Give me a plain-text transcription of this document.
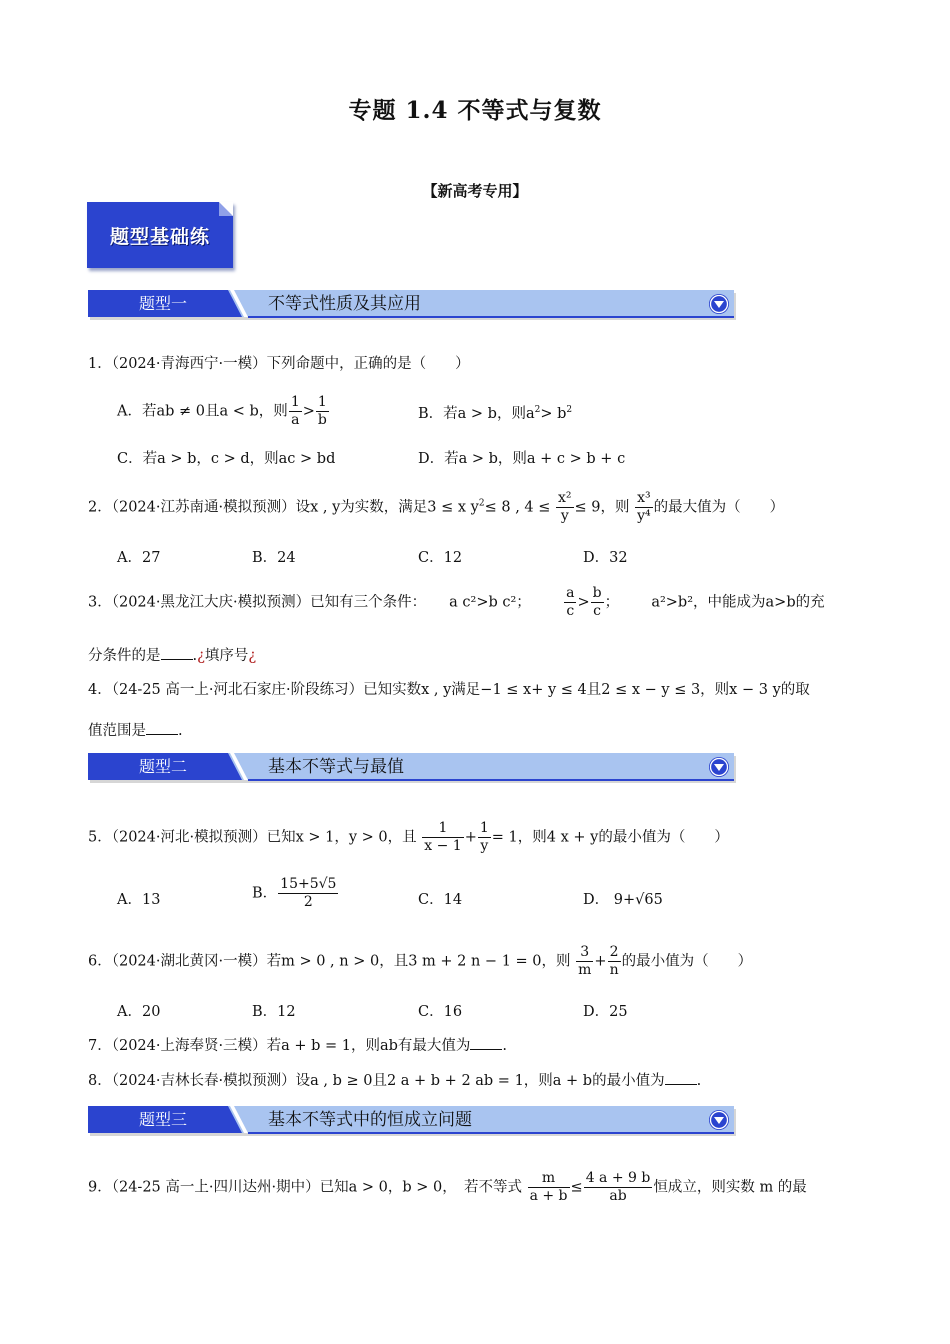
专题 1.4 不等式与复数
【新高考专用】
题型基础练
题型一	不等式性质及其应用
1．（2024·青海西宁·一模）下列命题中，正确的是（　　）
A．若ab ≠ 0且a < b，则 $\frac{1}{a} > \frac{1}{b}$	B．若a > b，则$a^2> b^2$
C．若a > b，c > d，则ac > bd	D．若a > b，则a + c > b + c
2．（2024·江苏南通·模拟预测）设x , y为实数，满足3 ≤ x $y^2\le 8$ , $4 \le \frac{\text{x²}}{y} \le 9$，则 $\frac{\text{x³}}{\text{y⁴}}$ 的最大值为（　　）
A．27	B．24	C．12	D．32
3．（2024·黑龙江大庆·模拟预测）已知有三个条件： a c²>b c²； $\frac{a}{c} > \frac{b}{c}$ ； a²>b²，中能成为a>b的充
分条件的是 .¿填序号¿
4．（24-25 高一上·河北石家庄·阶段练习）已知实数x , y满足−1 ≤ x+ y ≤ 4且2 ≤ x − y ≤ 3，则x − 3 y的取
值范围是 .
题型二	基本不等式与最值
5．（2024·河北·模拟预测）已知x > 1，y > 0，且 $\frac{1}{x - 1} + \frac{1}{y} = 1$，则4 x + y的最小值为（　　）
A．13	B． $\frac{15+5√5}{2}$	C．14	D． 9+√65
6．（2024·湖北黄冈·一模）若m > 0 , n > 0，且3 m + 2 n − 1 = 0，则 $\frac{3}{m} + \frac{2}{n}$ 的最小值为（　　）
A．20	B．12	C．16	D．25
7．（2024·上海奉贤·三模）若a + b = 1，则ab有最大值为 .
8．（2024·吉林长春·模拟预测）设a , b ≥ 0且2 a + b + 2 ab = 1，则a + b的最小值为 .
题型三	基本不等式中的恒成立问题
9．（24-25 高一上·四川达州·期中）已知a > 0，b > 0，　若不等式 $\frac{m}{a + b} \le \frac{4 a + 9 b}{ab}$ 恒成立，则实数 m 的最
